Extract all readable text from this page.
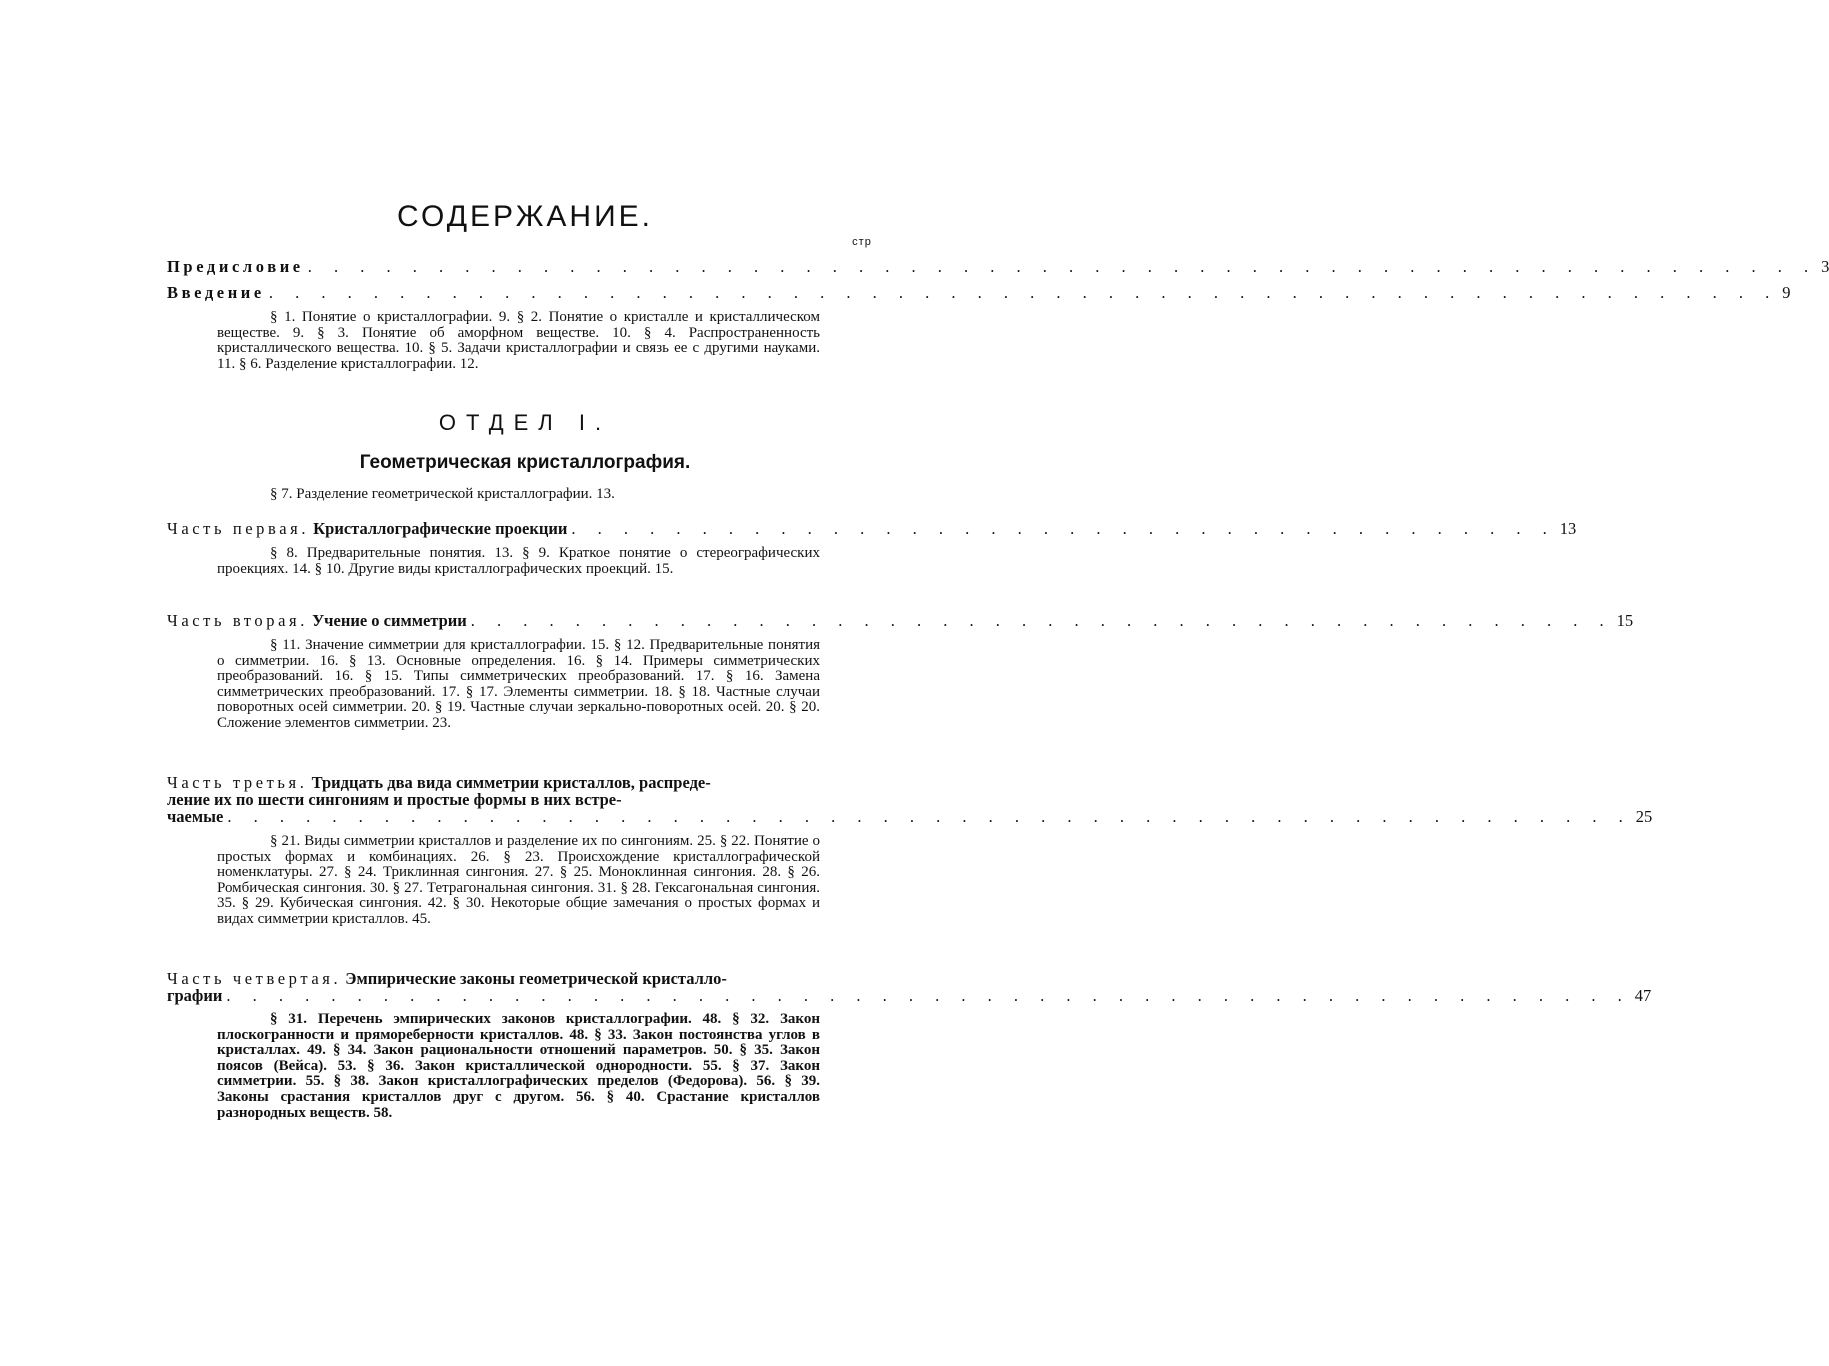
СОДЕРЖАНИЕ.
стр
Предисловие . . . . . . . . . . . . . . . . . . . . . . . . . . . . . . . . . . . . . . . . . . . . . . . . . . . . . . . . . . 3
Введение . . . . . . . . . . . . . . . . . . . . . . . . . . . . . . . . . . . . . . . . . . . . . . . . . . . . . . . . . . 9
§ 1. Понятие о кристаллографии. 9. § 2. Понятие о кристалле и кристаллическом веществе. 9. § 3. Понятие об аморфном веществе. 10. § 4. Распространенность кристаллического вещества. 10. § 5. Задачи кристаллографии и связь ее с другими науками. 11. § 6. Разделение кристаллографии. 12.
ОТДЕЛ I.
Геометрическая кристаллография.
§ 7. Разделение геометрической кристаллографии. 13.
Часть первая. Кристаллографические проекции . . . . . . . . . . . . . . . . . . . . . . . . . . . . . . . . . . . . . . 13
§ 8. Предварительные понятия. 13. § 9. Краткое понятие о стереографических проекциях. 14. § 10. Другие виды кристаллографических проекций. 15.
Часть вторая. Учение о симметрии . . . . . . . . . . . . . . . . . . . . . . . . . . . . . . . . . . . . . . . . . . . . 15
§ 11. Значение симметрии для кристаллографии. 15. § 12. Предварительные понятия о симметрии. 16. § 13. Основные определения. 16. § 14. Примеры симметрических преобразований. 16. § 15. Типы симметрических преобразований. 17. § 16. Замена симметрических преобразований. 17. § 17. Элементы симметрии. 18. § 18. Частные случаи поворотных осей симметрии. 20. § 19. Частные случаи зеркально-поворотных осей. 20. § 20. Сложение элементов симметрии. 23.
Часть третья. Тридцать два вида симметрии кристаллов, распреде-
ление их по шести сингониям и простые формы в них встре-
чаемые . . . . . . . . . . . . . . . . . . . . . . . . . . . . . . . . . . . . . . . . . . . . . . . . . . . . . . 25
§ 21. Виды симметрии кристаллов и разделение их по сингониям. 25. § 22. Понятие о простых формах и комбинациях. 26. § 23. Происхождение кристаллографической номенклатуры. 27. § 24. Триклинная сингония. 27. § 25. Моноклинная сингония. 28. § 26. Ромбическая сингония. 30. § 27. Тетрагональная сингония. 31. § 28. Гексагональная сингония. 35. § 29. Кубическая сингония. 42. § 30. Некоторые общие замечания о простых формах и видах симметрии кристаллов. 45.
Часть четвертая. Эмпирические законы геометрической кристалло-
графии . . . . . . . . . . . . . . . . . . . . . . . . . . . . . . . . . . . . . . . . . . . . . . . . . . . . . . 47
§ 31. Перечень эмпирических законов кристаллографии. 48. § 32. Закон плоскогранности и прямореберности кристаллов. 48. § 33. Закон постоянства углов в кристаллах. 49. § 34. Закон рациональности отношений параметров. 50. § 35. Закон поясов (Вейса). 53. § 36. Закон кристаллической однородности. 55. § 37. Закон симметрии. 55. § 38. Закон кристаллографических пределов (Федорова). 56. § 39. Законы срастания кристаллов друг с другом. 56. § 40. Срастание кристаллов разнородных веществ. 58.
